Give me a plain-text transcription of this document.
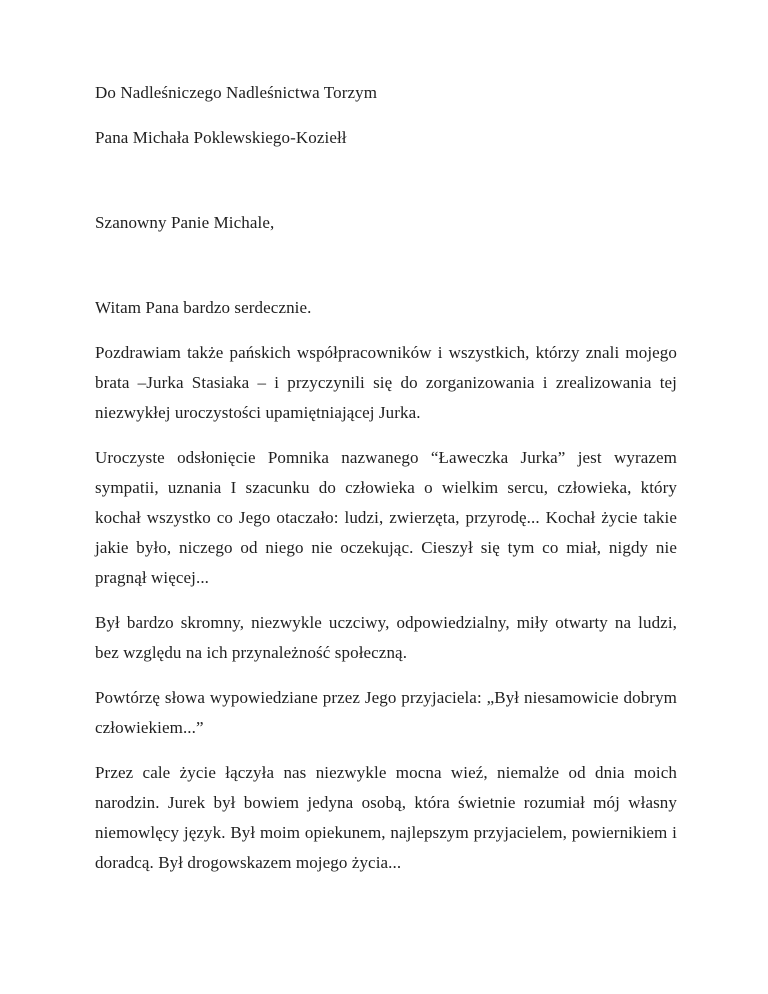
Do Nadleśniczego Nadleśnictwa Torzym

Pana Michała Poklewskiego-Koziełł

Szanowny Panie Michale,

Witam Pana bardzo serdecznie.

Pozdrawiam także pańskich współpracowników i wszystkich, którzy znali mojego brata –Jurka Stasiaka – i przyczynili się do zorganizowania i zrealizowania tej niezwykłej uroczystości upamiętniającej Jurka.

Uroczyste odsłonięcie Pomnika nazwanego “Ławeczka Jurka” jest wyrazem sympatii, uznania I szacunku do człowieka o wielkim sercu, człowieka, który kochał wszystko co Jego otaczało: ludzi, zwierzęta, przyrodę... Kochał życie takie jakie było, niczego od niego nie oczekując. Cieszył się tym co miał, nigdy nie pragnął więcej...

Był bardzo skromny, niezwykle uczciwy, odpowiedzialny, miły otwarty na ludzi, bez względu na ich przynależność społeczną.

Powtórzę słowa wypowiedziane przez Jego przyjaciela: „Był niesamowicie dobrym człowiekiem...”

Przez cale życie łączyła nas niezwykle mocna wieź, niemalże od dnia moich narodzin. Jurek był bowiem jedyna osobą, która świetnie rozumiał mój własny niemowlęcy język. Był moim opiekunem, najlepszym przyjacielem, powiernikiem i doradcą. Był drogowskazem mojego życia...
